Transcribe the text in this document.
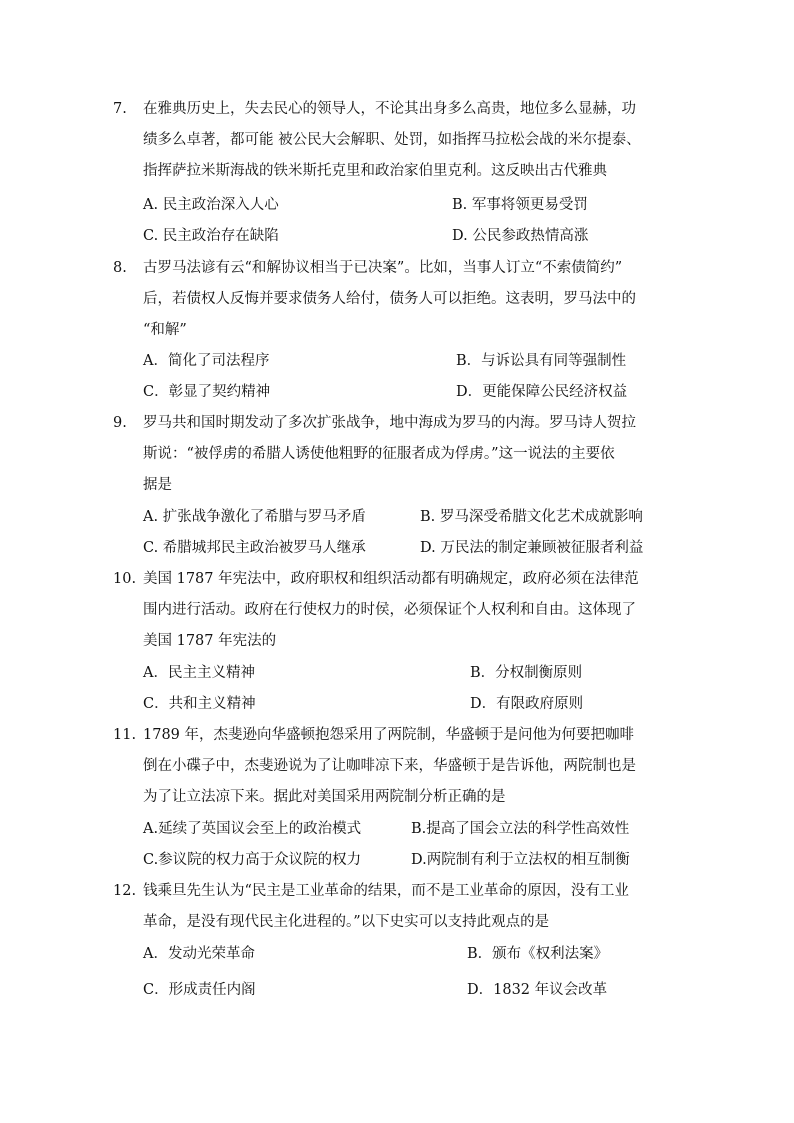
7.	在雅典历史上，失去民心的领导人，不论其出身多么高贵，地位多么显赫，功
绩多么卓著，都可能 被公民大会解职、处罚，如指挥马拉松会战的米尔提泰、
指挥萨拉米斯海战的铁米斯托克里和政治家伯里克利。这反映出古代雅典
A. 民主政治深入人心	B. 军事将领更易受罚
C. 民主政治存在缺陷	D. 公民参政热情高涨
8.	古罗马法谚有云“和解协议相当于已决案”。比如，当事人订立“不索债简约”
后，若债权人反悔并要求债务人给付，债务人可以拒绝。这表明，罗马法中的
“和解”
A．简化了司法程序	B．与诉讼具有同等强制性
C．彰显了契约精神	D．更能保障公民经济权益
9.	罗马共和国时期发动了多次扩张战争，地中海成为罗马的内海。罗马诗人贺拉
斯说：“被俘虏的希腊人诱使他粗野的征服者成为俘虏。”这一说法的主要依
据是
A. 扩张战争激化了希腊与罗马矛盾	B. 罗马深受希腊文化艺术成就影响
C. 希腊城邦民主政治被罗马人继承	D. 万民法的制定兼顾被征服者利益
10. 美国 1787 年宪法中，政府职权和组织活动都有明确规定，政府必须在法律范
围内进行活动。政府在行使权力的时侯，必须保证个人权利和自由。这体现了
美国 1787 年宪法的
A．民主主义精神	B．分权制衡原则
C．共和主义精神	D．有限政府原则
11. 1789 年，杰斐逊向华盛顿抱怨采用了两院制，华盛顿于是问他为何要把咖啡
倒在小碟子中，杰斐逊说为了让咖啡凉下来，华盛顿于是告诉他，两院制也是
为了让立法凉下来。据此对美国采用两院制分析正确的是
A.延续了英国议会至上的政治模式	B.提高了国会立法的科学性高效性
C.参议院的权力高于众议院的权力	D.两院制有利于立法权的相互制衡
12. 钱乘旦先生认为“民主是工业革命的结果，而不是工业革命的原因，没有工业
革命，是没有现代民主化进程的。”以下史实可以支持此观点的是
A．发动光荣革命	B．颁布《权利法案》
C．形成责任内阁	D．1832 年议会改革
